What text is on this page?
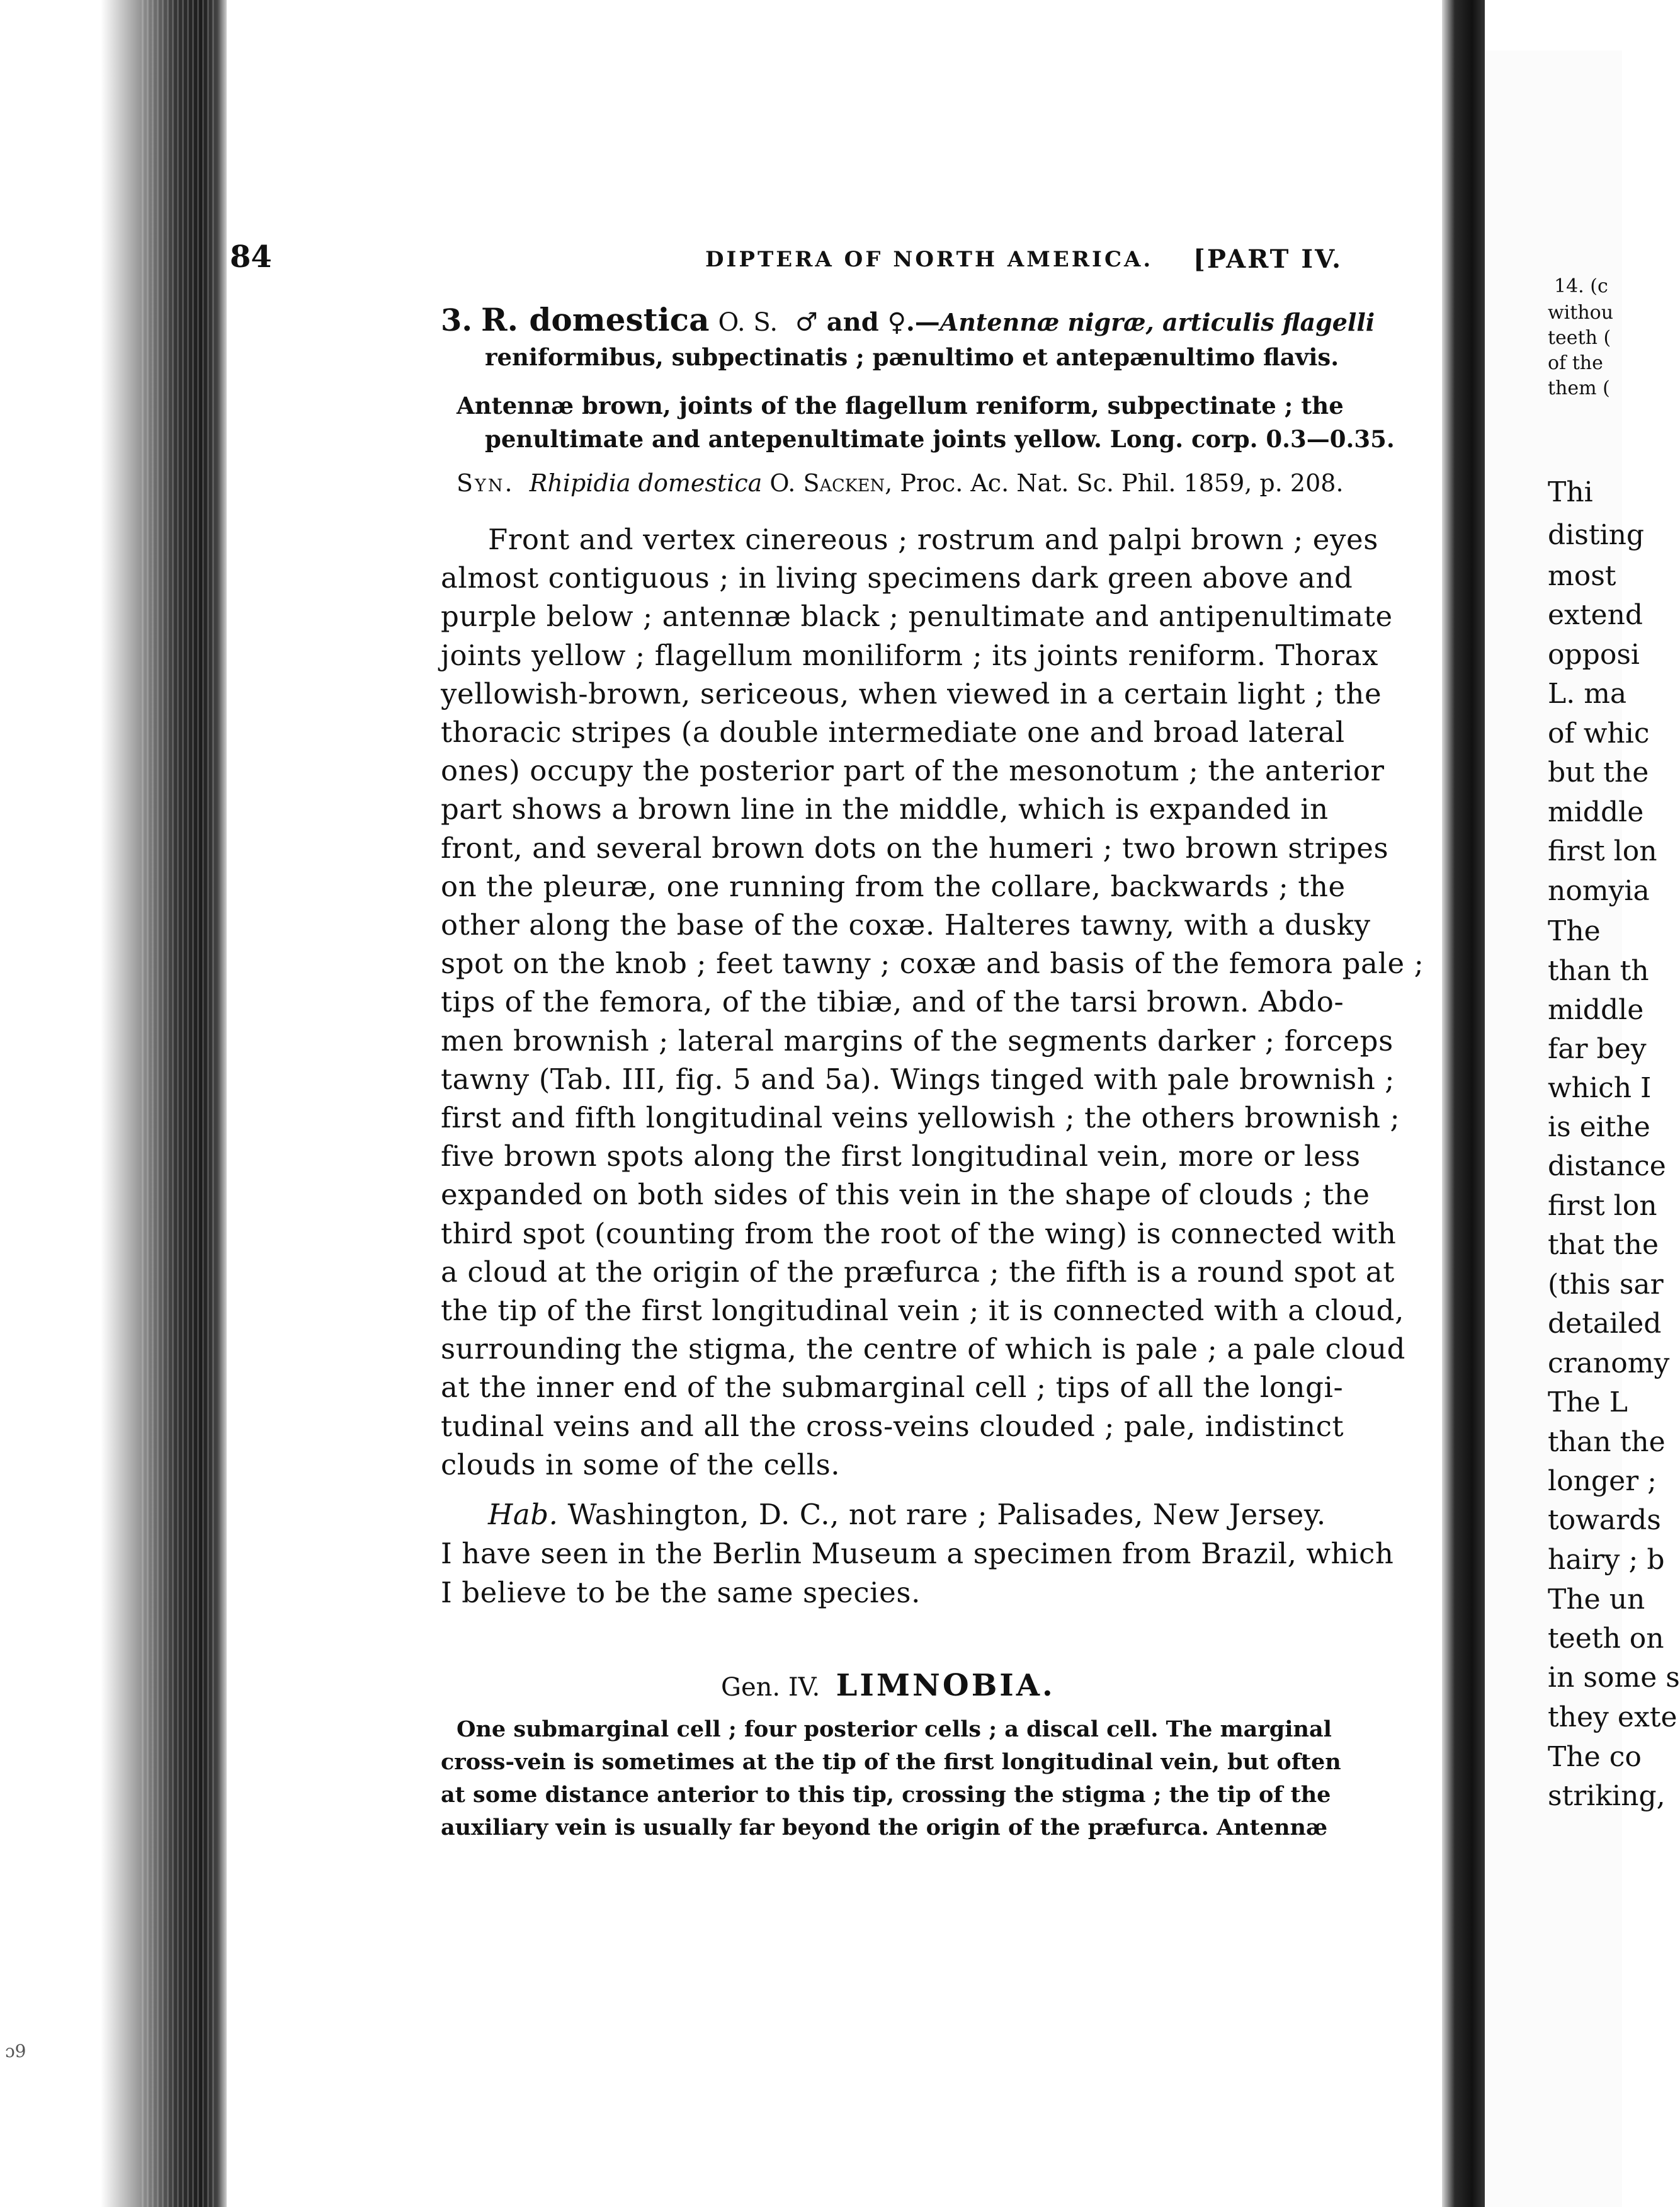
ɔ9
14. (c
withou
teeth (
of the
them (
Thi
disting
most
extend
opposi
L. ma
of whic
but the
middle
first lon
nomyia
The
than th
middle
far bey
which I
is eithe
distance
first lon
that the
(this sar
detailed
cranomy
The L
than the
longer ;
towards
hairy ; b
The un
teeth on
in some s
they exte
The co
striking,
84	DIPTERA OF NORTH AMERICA. [PART IV.
3. R. domestica O. S. ♂ and ♀.—Antennæ nigræ, articulis flagelli
reniformibus, subpectinatis ; pænultimo et antepænultimo flavis.
Antennæ brown, joints of the flagellum reniform, subpectinate ; the
penultimate and antepenultimate joints yellow. Long. corp. 0.3—0.35.
Syn. Rhipidia domestica O. Sacken, Proc. Ac. Nat. Sc. Phil. 1859, p. 208.
Front and vertex cinereous ; rostrum and palpi brown ; eyes
almost contiguous ; in living specimens dark green above and
purple below ; antennæ black ; penultimate and antipenultimate
joints yellow ; flagellum moniliform ; its joints reniform. Thorax
yellowish-brown, sericeous, when viewed in a certain light ; the
thoracic stripes (a double intermediate one and broad lateral
ones) occupy the posterior part of the mesonotum ; the anterior
part shows a brown line in the middle, which is expanded in
front, and several brown dots on the humeri ; two brown stripes
on the pleuræ, one running from the collare, backwards ; the
other along the base of the coxæ. Halteres tawny, with a dusky
spot on the knob ; feet tawny ; coxæ and basis of the femora pale ;
tips of the femora, of the tibiæ, and of the tarsi brown. Abdo-
men brownish ; lateral margins of the segments darker ; forceps
tawny (Tab. III, fig. 5 and 5a). Wings tinged with pale brownish ;
first and fifth longitudinal veins yellowish ; the others brownish ;
five brown spots along the first longitudinal vein, more or less
expanded on both sides of this vein in the shape of clouds ; the
third spot (counting from the root of the wing) is connected with
a cloud at the origin of the præfurca ; the fifth is a round spot at
the tip of the first longitudinal vein ; it is connected with a cloud,
surrounding the stigma, the centre of which is pale ; a pale cloud
at the inner end of the submarginal cell ; tips of all the longi-
tudinal veins and all the cross-veins clouded ; pale, indistinct
clouds in some of the cells.
Hab. Washington, D. C., not rare ; Palisades, New Jersey.
I have seen in the Berlin Museum a specimen from Brazil, which
I believe to be the same species.
Gen. IV. LIMNOBIA.
One submarginal cell ; four posterior cells ; a discal cell. The marginal
cross-vein is sometimes at the tip of the first longitudinal vein, but often
at some distance anterior to this tip, crossing the stigma ; the tip of the
auxiliary vein is usually far beyond the origin of the præfurca. Antennæ
